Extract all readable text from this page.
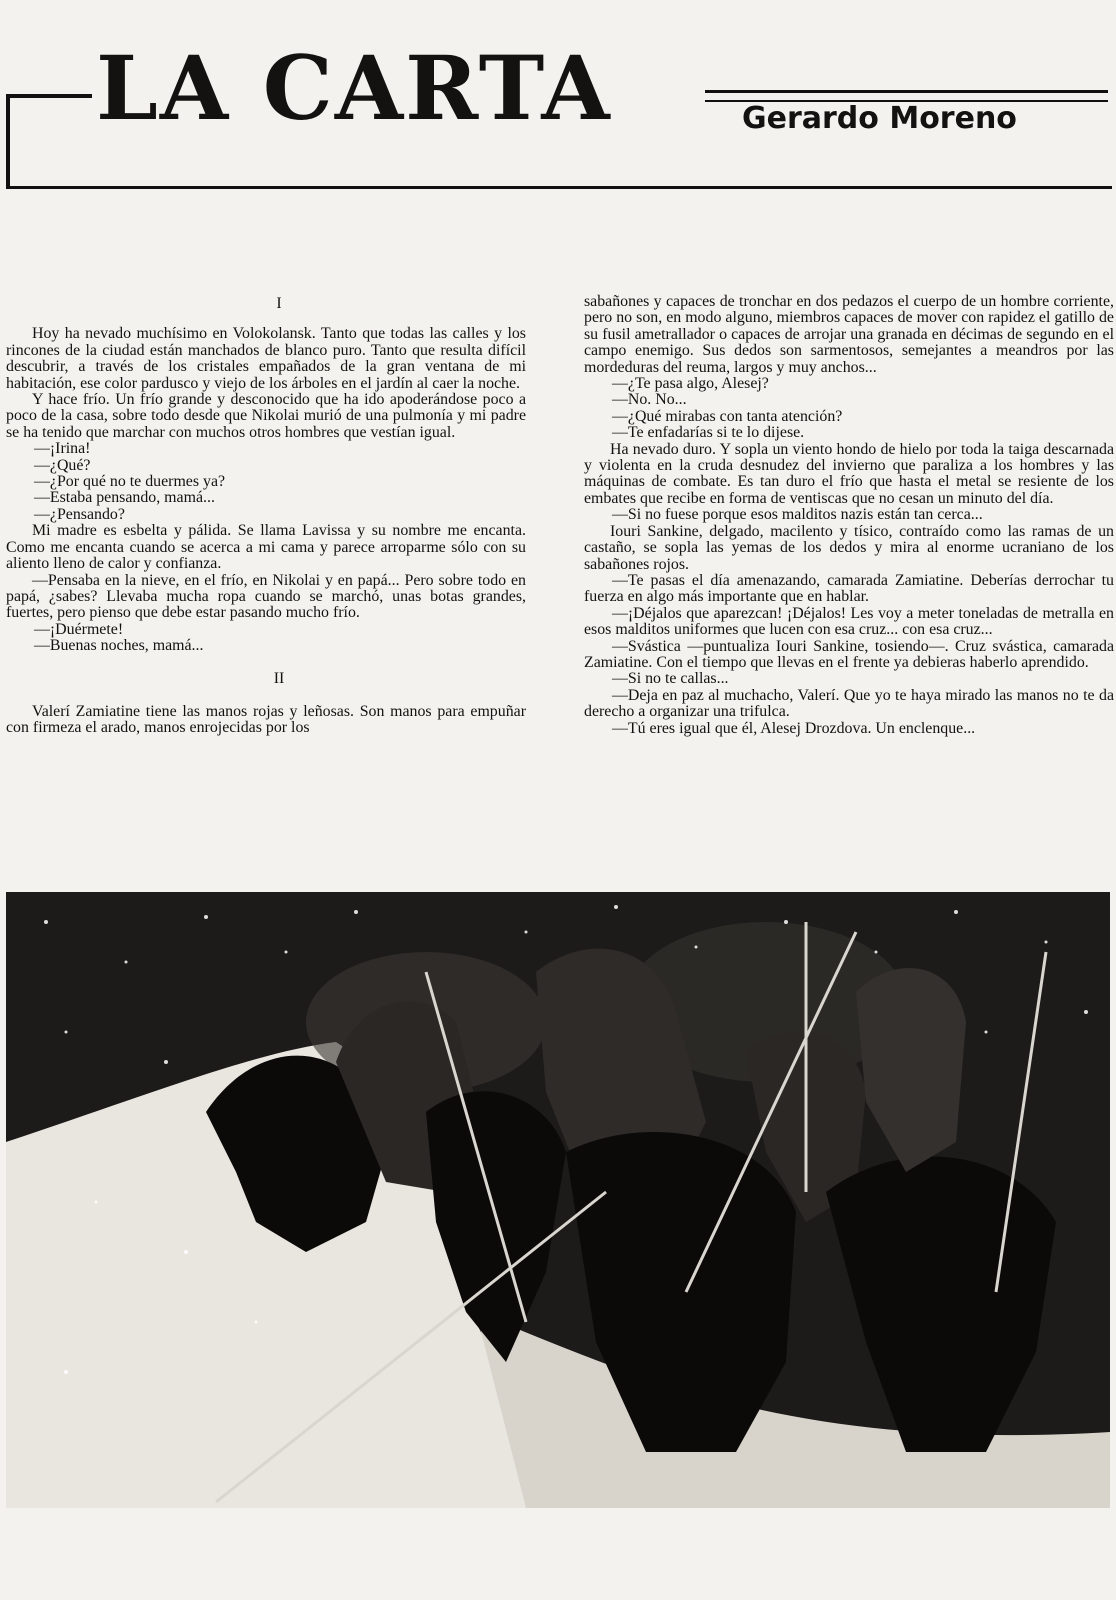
LA CARTA	Gerardo Moreno

I

Hoy ha nevado muchísimo en Volokolansk. Tanto que todas las calles y los rincones de la ciudad están manchados de blanco puro. Tanto que resulta difícil descubrir, a través de los cristales empañados de la gran ventana de mi habitación, ese color pardusco y viejo de los árboles en el jardín al caer la noche.

Y hace frío. Un frío grande y desconocido que ha ido apoderándose poco a poco de la casa, sobre todo desde que Nikolai murió de una pulmonía y mi padre se ha tenido que marchar con muchos otros hombres que vestían igual.

—¡Irina!

—¿Qué?

—¿Por qué no te duermes ya?

—Estaba pensando, mamá...

—¿Pensando?

Mi madre es esbelta y pálida. Se llama Lavissa y su nombre me encanta. Como me encanta cuando se acerca a mi cama y parece arroparme sólo con su aliento lleno de calor y confianza.

—Pensaba en la nieve, en el frío, en Nikolai y en papá... Pero sobre todo en papá, ¿sabes? Llevaba mucha ropa cuando se marchó, unas botas grandes, fuertes, pero pienso que debe estar pasando mucho frío.

—¡Duérmete!

—Buenas noches, mamá...

II

Valerí Zamiatine tiene las manos rojas y leñosas. Son manos para empuñar con firmeza el arado, manos enrojecidas por los

sabañones y capaces de tronchar en dos pedazos el cuerpo de un hombre corriente, pero no son, en modo alguno, miembros capaces de mover con rapidez el gatillo de su fusil ametrallador o capaces de arrojar una granada en décimas de segundo en el campo enemigo. Sus dedos son sarmentosos, semejantes a meandros por las mordeduras del reuma, largos y muy anchos...

—¿Te pasa algo, Alesej?

—No. No...

—¿Qué mirabas con tanta atención?

—Te enfadarías si te lo dijese.

Ha nevado duro. Y sopla un viento hondo de hielo por toda la taiga descarnada y violenta en la cruda desnudez del invierno que paraliza a los hombres y las máquinas de combate. Es tan duro el frío que hasta el metal se resiente de los embates que recibe en forma de ventiscas que no cesan un minuto del día.

—Si no fuese porque esos malditos nazis están tan cerca...

Iouri Sankine, delgado, macilento y tísico, contraído como las ramas de un castaño, se sopla las yemas de los dedos y mira al enorme ucraniano de los sabañones rojos.

—Te pasas el día amenazando, camarada Zamiatine. Deberías derrochar tu fuerza en algo más importante que en hablar.

—¡Déjalos que aparezcan! ¡Déjalos! Les voy a meter toneladas de metralla en esos malditos uniformes que lucen con esa cruz... con esa cruz...

—Svástica —puntualiza Iouri Sankine, tosiendo—. Cruz svástica, camarada Zamiatine. Con el tiempo que llevas en el frente ya debieras haberlo aprendido.

—Si no te callas...

—Deja en paz al muchacho, Valerí. Que yo te haya mirado las manos no te da derecho a organizar una trifulca.

—Tú eres igual que él, Alesej Drozdova. Un enclenque...
